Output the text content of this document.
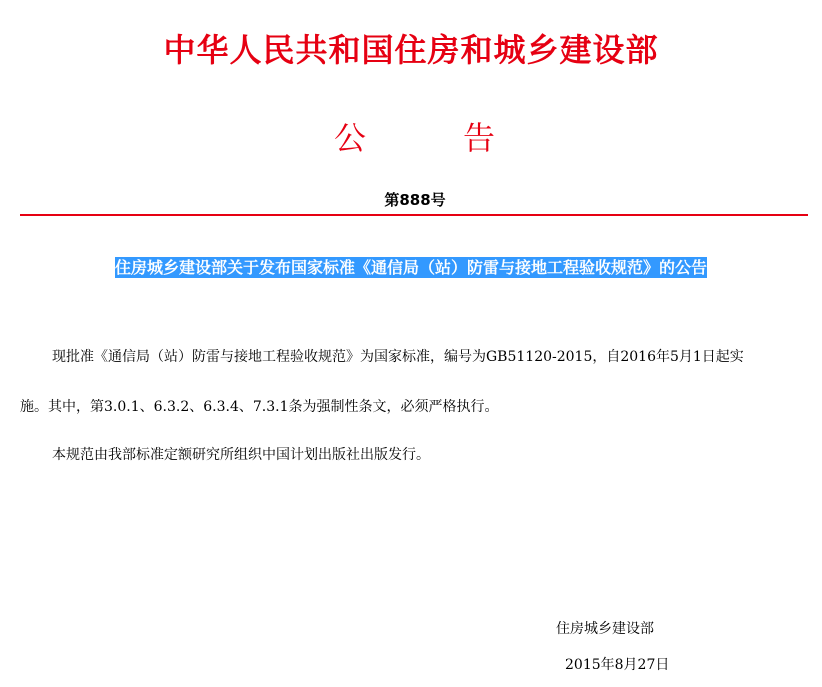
中华人民共和国住房和城乡建设部
公	告
第888号
住房城乡建设部关于发布国家标准《通信局（站）防雷与接地工程验收规范》的公告
现批准《通信局（站）防雷与接地工程验收规范》为国家标准，编号为GB51120-2015，自2016年5月1日起实
施。其中，第3.0.1、6.3.2、6.3.4、7.3.1条为强制性条文，必须严格执行。
本规范由我部标准定额研究所组织中国计划出版社出版发行。
住房城乡建设部
2015年8月27日
